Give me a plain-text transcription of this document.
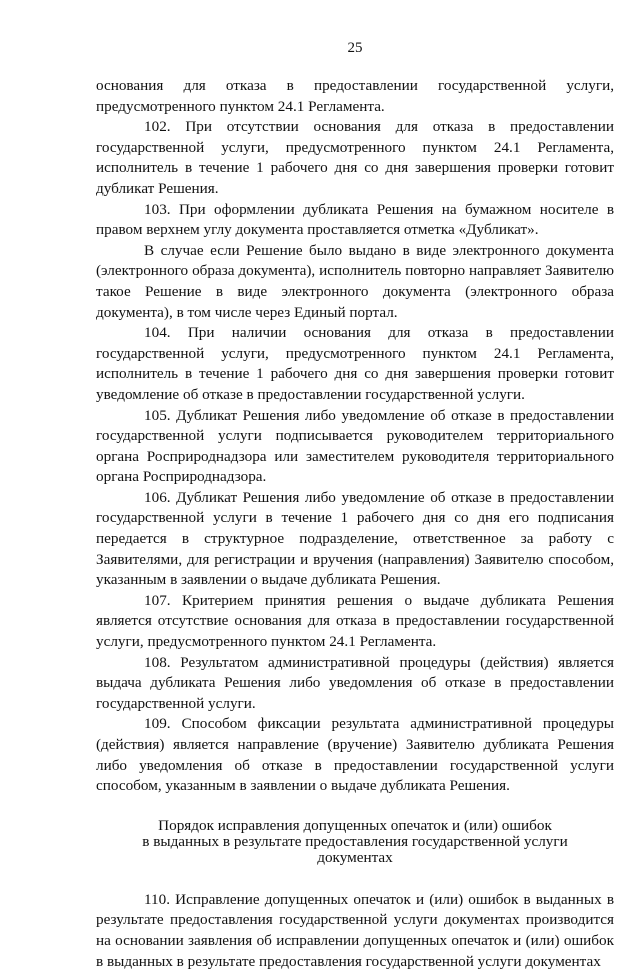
25

основания для отказа в предоставлении государственной услуги, предусмотренного пунктом 24.1 Регламента.

102. При отсутствии основания для отказа в предоставлении государственной услуги, предусмотренного пунктом 24.1 Регламента, исполнитель в течение 1 рабочего дня со дня завершения проверки готовит дубликат Решения.

103. При оформлении дубликата Решения на бумажном носителе в правом верхнем углу документа проставляется отметка «Дубликат».

В случае если Решение было выдано в виде электронного документа (электронного образа документа), исполнитель повторно направляет Заявителю такое Решение в виде электронного документа (электронного образа документа), в том числе через Единый портал.

104. При наличии основания для отказа в предоставлении государственной услуги, предусмотренного пунктом 24.1 Регламента, исполнитель в течение 1 рабочего дня со дня завершения проверки готовит уведомление об отказе в предоставлении государственной услуги.

105. Дубликат Решения либо уведомление об отказе в предоставлении государственной услуги подписывается руководителем территориального органа Росприроднадзора или заместителем руководителя территориального органа Росприроднадзора.

106. Дубликат Решения либо уведомление об отказе в предоставлении государственной услуги в течение 1 рабочего дня со дня его подписания передается в структурное подразделение, ответственное за работу с Заявителями, для регистрации и вручения (направления) Заявителю способом, указанным в заявлении о выдаче дубликата Решения.

107. Критерием принятия решения о выдаче дубликата Решения является отсутствие основания для отказа в предоставлении государственной услуги, предусмотренного пунктом 24.1 Регламента.

108. Результатом административной процедуры (действия) является выдача дубликата Решения либо уведомления об отказе в предоставлении государственной услуги.

109. Способом фиксации результата административной процедуры (действия) является направление (вручение) Заявителю дубликата Решения либо уведомления об отказе в предоставлении государственной услуги способом, указанным в заявлении о выдаче дубликата Решения.

Порядок исправления допущенных опечаток и (или) ошибок
в выданных в результате предоставления государственной услуги
документах

110. Исправление допущенных опечаток и (или) ошибок в выданных в результате предоставления государственной услуги документах производится на основании заявления об исправлении допущенных опечаток и (или) ошибок в выданных в результате предоставления государственной услуги документах
